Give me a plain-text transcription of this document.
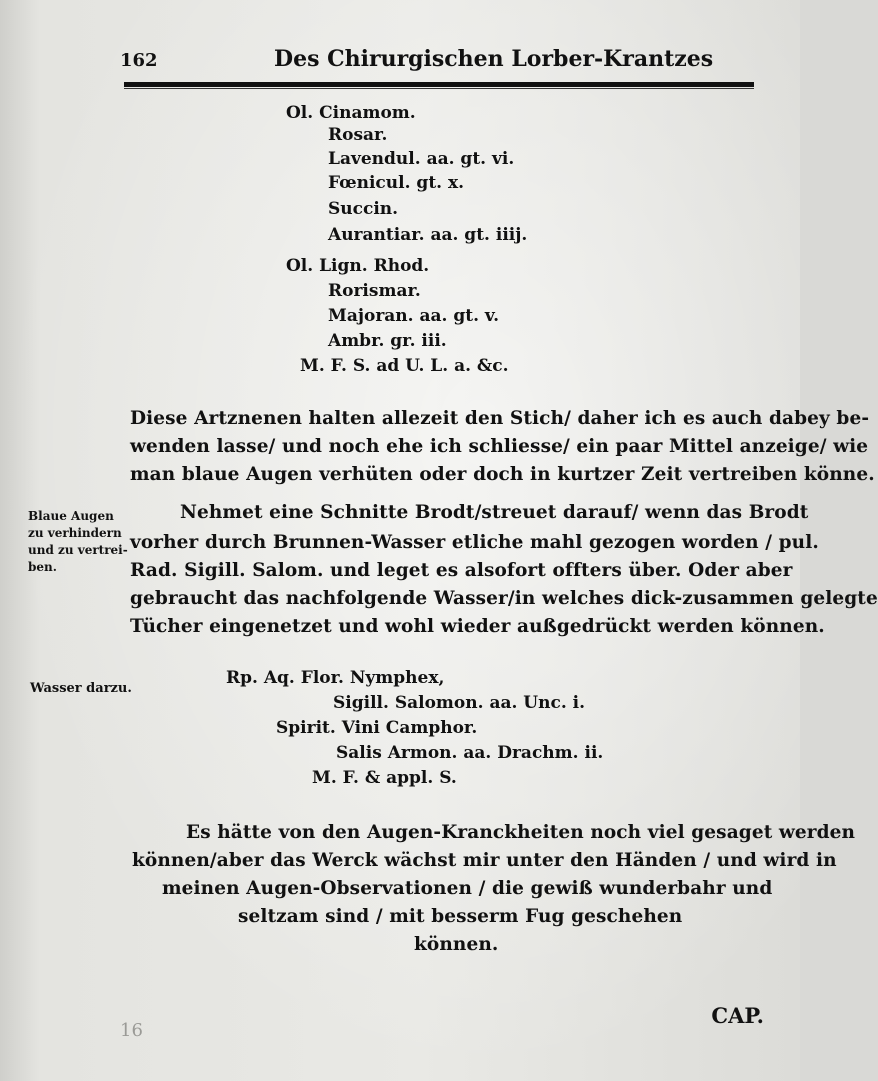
162	Des Chirurgischen Lorber-Krantzes
Ol. Cinamom.
Rosar.
Lavendul. aa. gt. vi.
Fœnicul. gt. x.
Succin.
Aurantiar. aa. gt. iiij.
Ol. Lign. Rhod.
Rorismar.
Majoran. aa. gt. v.
Ambr. gr. iii.
M. F. S. ad U. L. a. &c.
Diese Artznenen halten allezeit den Stich/ daher ich es auch dabey be-
wenden lasse/ und noch ehe ich schliesse/ ein paar Mittel anzeige/ wie
man blaue Augen verhüten oder doch in kurtzer Zeit vertreiben könne.
Blaue Augen
zu verhindern
und zu vertrei-
ben.
Nehmet eine Schnitte Brodt/streuet darauf/ wenn das Brodt
vorher durch Brunnen-Wasser etliche mahl gezogen worden / pul.
Rad. Sigill. Salom. und leget es alsofort offters über. Oder aber
gebraucht das nachfolgende Wasser/in welches dick-zusammen gelegte
Tücher eingenetzet und wohl wieder außgedrückt werden können.
Wasser darzu.
Rp. Aq. Flor. Nymphex,
Sigill. Salomon. aa. Unc. i.
Spirit. Vini Camphor.
Salis Armon. aa. Drachm. ii.
M. F. & appl. S.
Es hätte von den Augen-Kranckheiten noch viel gesaget werden
können/aber das Werck wächst mir unter den Händen / und wird in
meinen Augen-Observationen / die gewiß wunderbahr und
seltzam sind / mit besserm Fug geschehen
können.
CAP.
16
